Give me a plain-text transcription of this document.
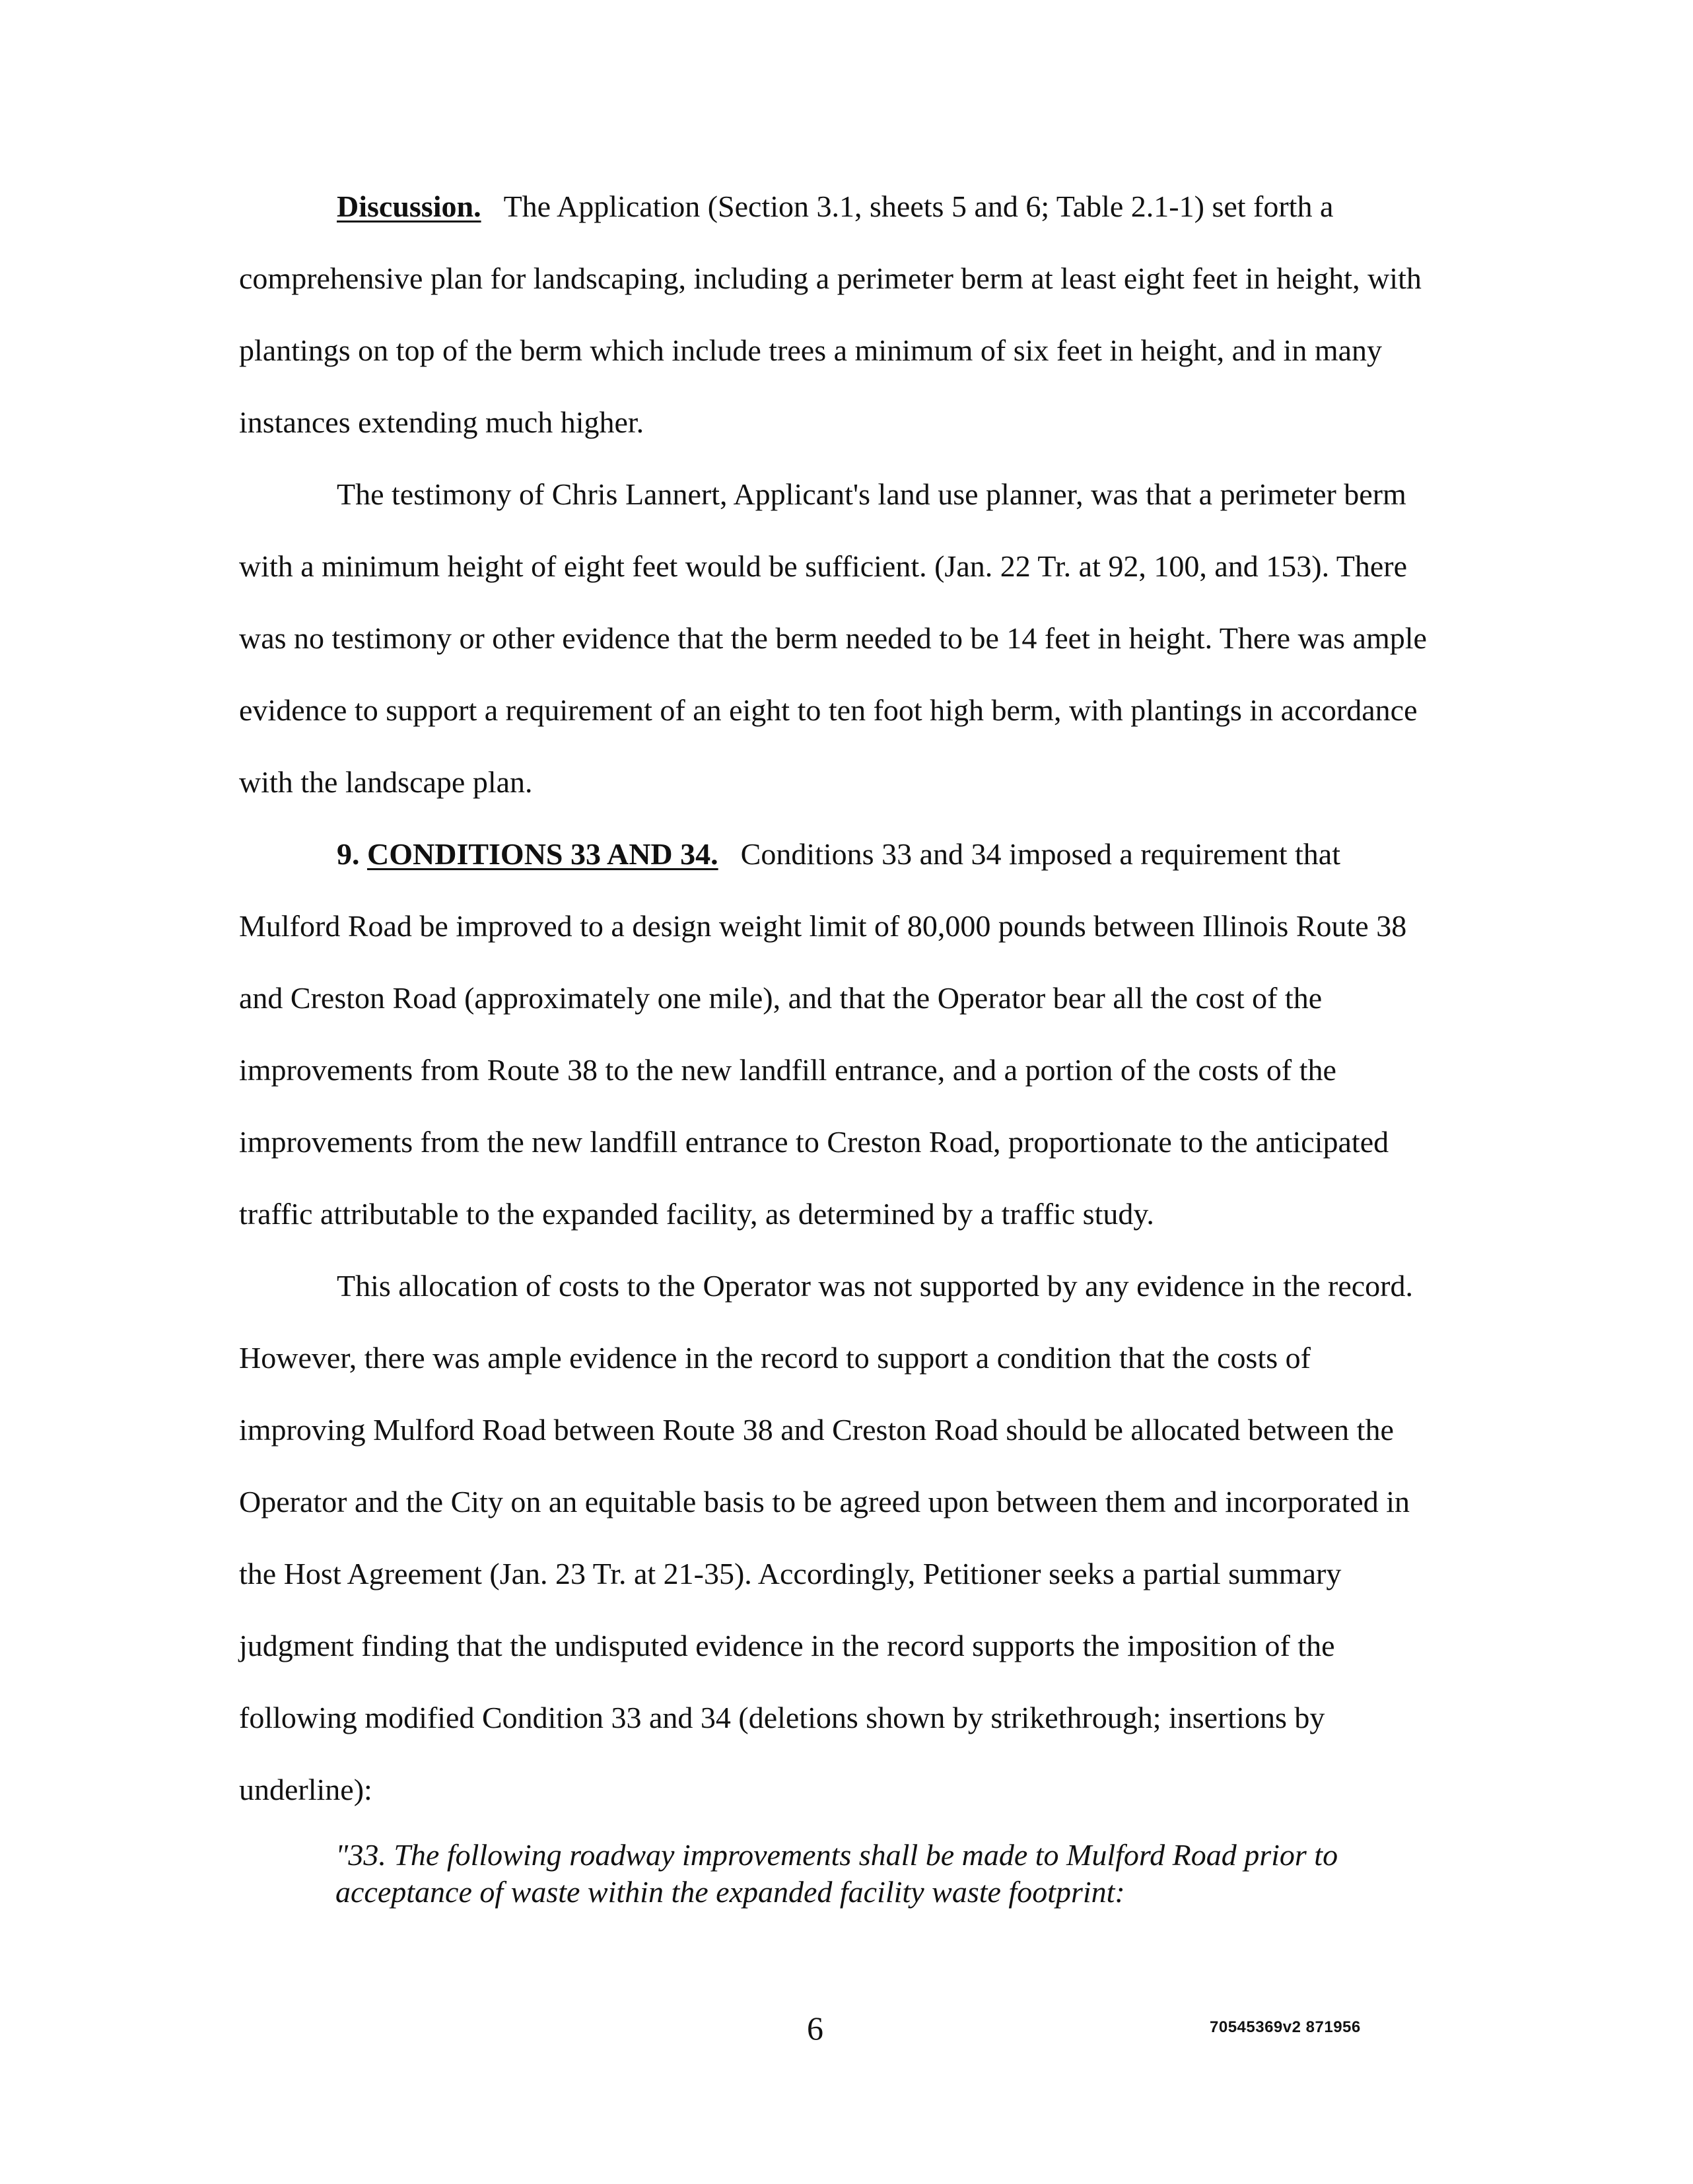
Discussion. The Application (Section 3.1, sheets 5 and 6; Table 2.1-1) set forth a comprehensive plan for landscaping, including a perimeter berm at least eight feet in height, with plantings on top of the berm which include trees a minimum of six feet in height, and in many instances extending much higher.

The testimony of Chris Lannert, Applicant's land use planner, was that a perimeter berm with a minimum height of eight feet would be sufficient. (Jan. 22 Tr. at 92, 100, and 153). There was no testimony or other evidence that the berm needed to be 14 feet in height. There was ample evidence to support a requirement of an eight to ten foot high berm, with plantings in accordance with the landscape plan.

9. CONDITIONS 33 AND 34. Conditions 33 and 34 imposed a requirement that Mulford Road be improved to a design weight limit of 80,000 pounds between Illinois Route 38 and Creston Road (approximately one mile), and that the Operator bear all the cost of the improvements from Route 38 to the new landfill entrance, and a portion of the costs of the improvements from the new landfill entrance to Creston Road, proportionate to the anticipated traffic attributable to the expanded facility, as determined by a traffic study.

This allocation of costs to the Operator was not supported by any evidence in the record. However, there was ample evidence in the record to support a condition that the costs of improving Mulford Road between Route 38 and Creston Road should be allocated between the Operator and the City on an equitable basis to be agreed upon between them and incorporated in the Host Agreement (Jan. 23 Tr. at 21-35). Accordingly, Petitioner seeks a partial summary judgment finding that the undisputed evidence in the record supports the imposition of the following modified Condition 33 and 34 (deletions shown by strikethrough; insertions by underline):

"33. The following roadway improvements shall be made to Mulford Road prior to acceptance of waste within the expanded facility waste footprint:

6	70545369v2 871956
